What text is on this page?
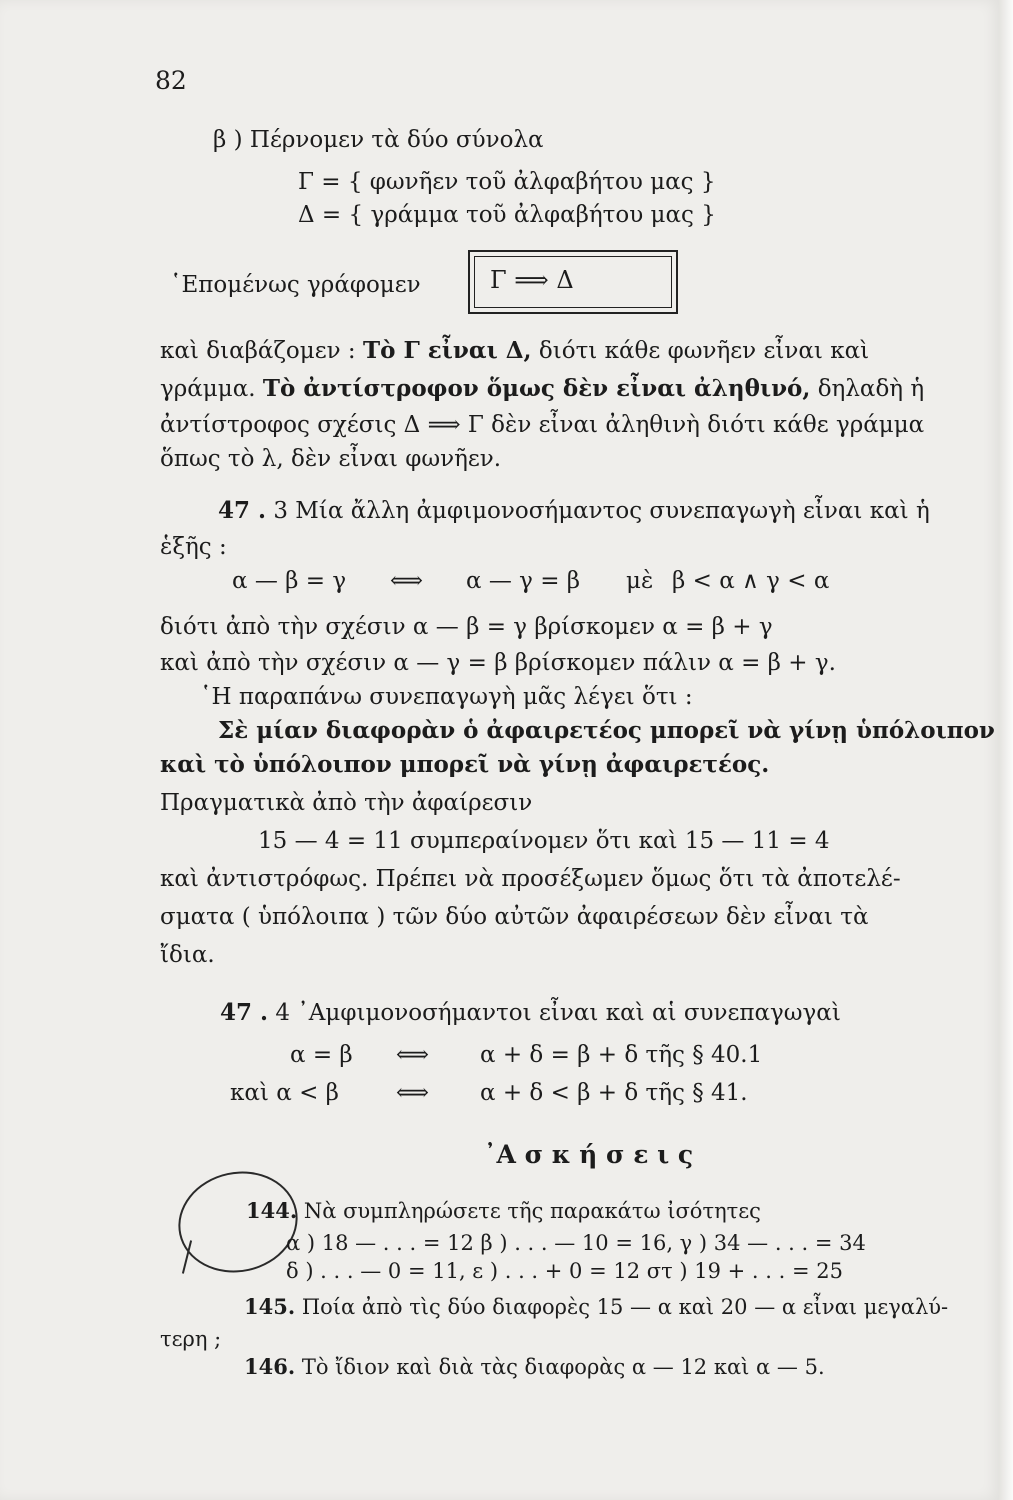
82
β ) Πέρνομεν τὰ δύο σύνολα
Γ = { φωνῆεν τοῦ ἀλφαβήτου μας }
Δ = { γράμμα τοῦ ἀλφαβήτου μας }
῾Επομένως γράφομεν	Γ ⟹ Δ
καὶ διαβάζομεν : Τὸ Γ εἶναι Δ, διότι κάθε φωνῆεν εἶναι καὶ
γράμμα. Τὸ ἀντίστροφον ὅμως δὲν εἶναι ἀληθινό, δηλαδὴ ἡ
ἀντίστροφος σχέσις Δ ⟹ Γ δὲν εἶναι ἀληθινὴ διότι κάθε γράμμα
ὅπως τὸ λ, δὲν εἶναι φωνῆεν.
47 . 3 Μία ἄλλη ἀμφιμονοσήμαντος συνεπαγωγὴ εἶναι καὶ ἡ
ἑξῆς :
α — β = γ ⟺ α — γ = β μὲ β < α ∧ γ < α
διότι ἀπὸ τὴν σχέσιν α — β = γ βρίσκομεν α = β + γ
καὶ ἀπὸ τὴν σχέσιν α — γ = β βρίσκομεν πάλιν α = β + γ.
῾Η παραπάνω συνεπαγωγὴ μᾶς λέγει ὅτι :
Σὲ μίαν διαφορὰν ὁ ἀφαιρετέος μπορεῖ νὰ γίνῃ ὑπόλοιπον
καὶ τὸ ὑπόλοιπον μπορεῖ νὰ γίνῃ ἀφαιρετέος.
Πραγματικὰ ἀπὸ τὴν ἀφαίρεσιν
15 — 4 = 11 συμπεραίνομεν ὅτι καὶ 15 — 11 = 4
καὶ ἀντιστρόφως. Πρέπει νὰ προσέξωμεν ὅμως ὅτι τὰ ἀποτελέ-
σματα ( ὑπόλοιπα ) τῶν δύο αὐτῶν ἀφαιρέσεων δὲν εἶναι τὰ
ἴδια.
47 . 4 ᾿Αμφιμονοσήμαντοι εἶναι καὶ αἱ συνεπαγωγαὶ
α = β ⟺ α + δ = β + δ τῆς § 40.1
καὶ α < β ⟺ α + δ < β + δ τῆς § 41.
᾿Α σ κ ή σ ε ι ς
144. Νὰ συμπληρώσετε τῆς παρακάτω ἰσότητες
α ) 18 — . . . = 12 β ) . . . — 10 = 16, γ ) 34 — . . . = 34
δ ) . . . — 0 = 11, ε ) . . . + 0 = 12 στ ) 19 + . . . = 25
145. Ποία ἀπὸ τὶς δύο διαφορὲς 15 — α καὶ 20 — α εἶναι μεγαλύ-
τερη ;
146. Τὸ ἴδιον καὶ διὰ τὰς διαφορὰς α — 12 καὶ α — 5.
